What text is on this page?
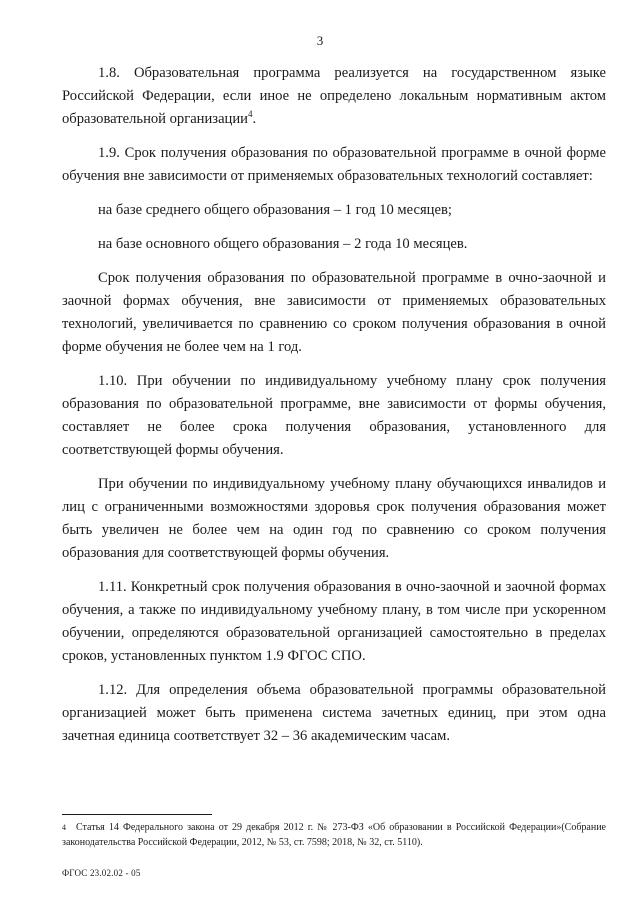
3

1.8. Образовательная программа реализуется на государственном языке Российской Федерации, если иное не определено локальным нормативным актом образовательной организации$^4$.

1.9. Срок получения образования по образовательной программе в очной форме обучения вне зависимости от применяемых образовательных технологий составляет:

на базе среднего общего образования – 1 год 10 месяцев;

на базе основного общего образования – 2 года 10 месяцев.

Срок получения образования по образовательной программе в очно-заочной и заочной формах обучения, вне зависимости от применяемых образовательных технологий, увеличивается по сравнению со сроком получения образования в очной форме обучения не более чем на 1 год.

1.10. При обучении по индивидуальному учебному плану срок получения образования по образовательной программе, вне зависимости от формы обучения, составляет не более срока получения образования, установленного для соответствующей формы обучения.

При обучении по индивидуальному учебному плану обучающихся инвалидов и лиц с ограниченными возможностями здоровья срок получения образования может быть увеличен не более чем на один год по сравнению со сроком получения образования для соответствующей формы обучения.

1.11. Конкретный срок получения образования в очно-заочной и заочной формах обучения, а также по индивидуальному учебному плану, в том числе при ускоренном обучении, определяются образовательной организацией самостоятельно в пределах сроков, установленных пунктом 1.9 ФГОС СПО.

1.12. Для определения объема образовательной программы образовательной организацией может быть применена система зачетных единиц, при этом одна зачетная единица соответствует 32 – 36 академическим часам.

$^4$ Статья 14 Федерального закона от 29 декабря 2012 г. № 273-ФЗ «Об образовании в Российской Федерации»(Собрание законодательства Российской Федерации, 2012, № 53, ст. 7598; 2018, № 32, ст. 5110).
ФГОС 23.02.02 - 05
